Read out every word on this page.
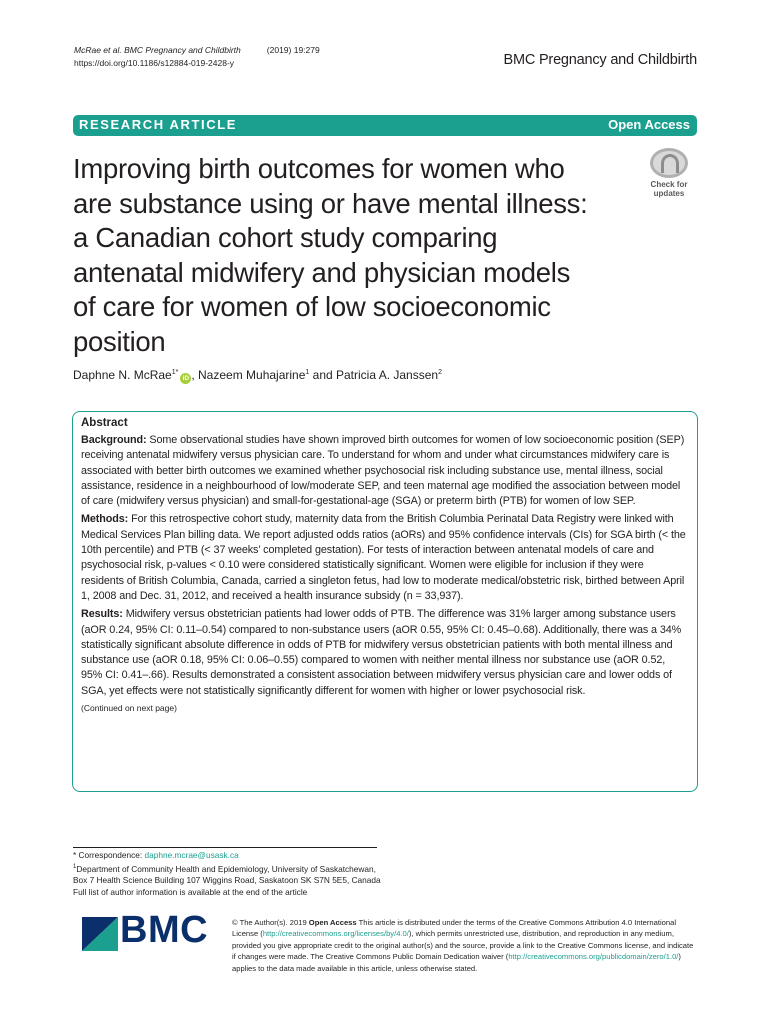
McRae et al. BMC Pregnancy and Childbirth	(2019) 19:279
https://doi.org/10.1186/s12884-019-2428-y	BMC Pregnancy and Childbirth
RESEARCH ARTICLE	Open Access
Improving birth outcomes for women who
are substance using or have mental illness:
a Canadian cohort study comparing
antenatal midwifery and physician models
of care for women of low socioeconomic
position
Check for
updates
Daphne N. McRae$^{1*}$iD , Nazeem Muhajarine$^1$ and Patricia A. Janssen$^2$
Abstract

Background: Some observational studies have shown improved birth outcomes for women of low socioeconomic position (SEP) receiving antenatal midwifery versus physician care. To understand for whom and under what circumstances midwifery care is associated with better birth outcomes we examined whether psychosocial risk including substance use, mental illness, social assistance, residence in a neighbourhood of low/moderate SEP, and teen maternal age modified the association between model of care (midwifery versus physician) and small-for-gestational-age (SGA) or preterm birth (PTB) for women of low SEP.

Methods: For this retrospective cohort study, maternity data from the British Columbia Perinatal Data Registry were linked with Medical Services Plan billing data. We report adjusted odds ratios (aORs) and 95% confidence intervals (CIs) for SGA birth (< the 10th percentile) and PTB (< 37 weeks’ completed gestation). For tests of interaction between antenatal models of care and psychosocial risk, p-values < 0.10 were considered statistically significant. Women were eligible for inclusion if they were residents of British Columbia, Canada, carried a singleton fetus, had low to moderate medical/obstetric risk, birthed between April 1, 2008 and Dec. 31, 2012, and received a health insurance subsidy (n = 33,937).

Results: Midwifery versus obstetrician patients had lower odds of PTB. The difference was 31% larger among substance users (aOR 0.24, 95% CI: 0.11–0.54) compared to non-substance users (aOR 0.55, 95% CI: 0.45–0.68). Additionally, there was a 34% statistically significant absolute difference in odds of PTB for midwifery versus obstetrician patients with both mental illness and substance use (aOR 0.18, 95% CI: 0.06–0.55) compared to women with neither mental illness nor substance use (aOR 0.52, 95% CI: 0.41–.66). Results demonstrated a consistent association between midwifery versus physician care and lower odds of SGA, yet effects were not statistically significantly different for women with higher or lower psychosocial risk.

(Continued on next page)
* Correspondence: daphne.mcrae@usask.ca
$^1$Department of Community Health and Epidemiology, University of Saskatchewan, Box 7 Health Science Building 107 Wiggins Road, Saskatoon SK S7N 5E5, Canada
Full list of author information is available at the end of the article
BMC	© The Author(s). 2019 Open Access This article is distributed under the terms of the Creative Commons Attribution 4.0 International License (http://creativecommons.org/licenses/by/4.0/), which permits unrestricted use, distribution, and reproduction in any medium, provided you give appropriate credit to the original author(s) and the source, provide a link to the Creative Commons license, and indicate if changes were made. The Creative Commons Public Domain Dedication waiver (http://creativecommons.org/publicdomain/zero/1.0/) applies to the data made available in this article, unless otherwise stated.
